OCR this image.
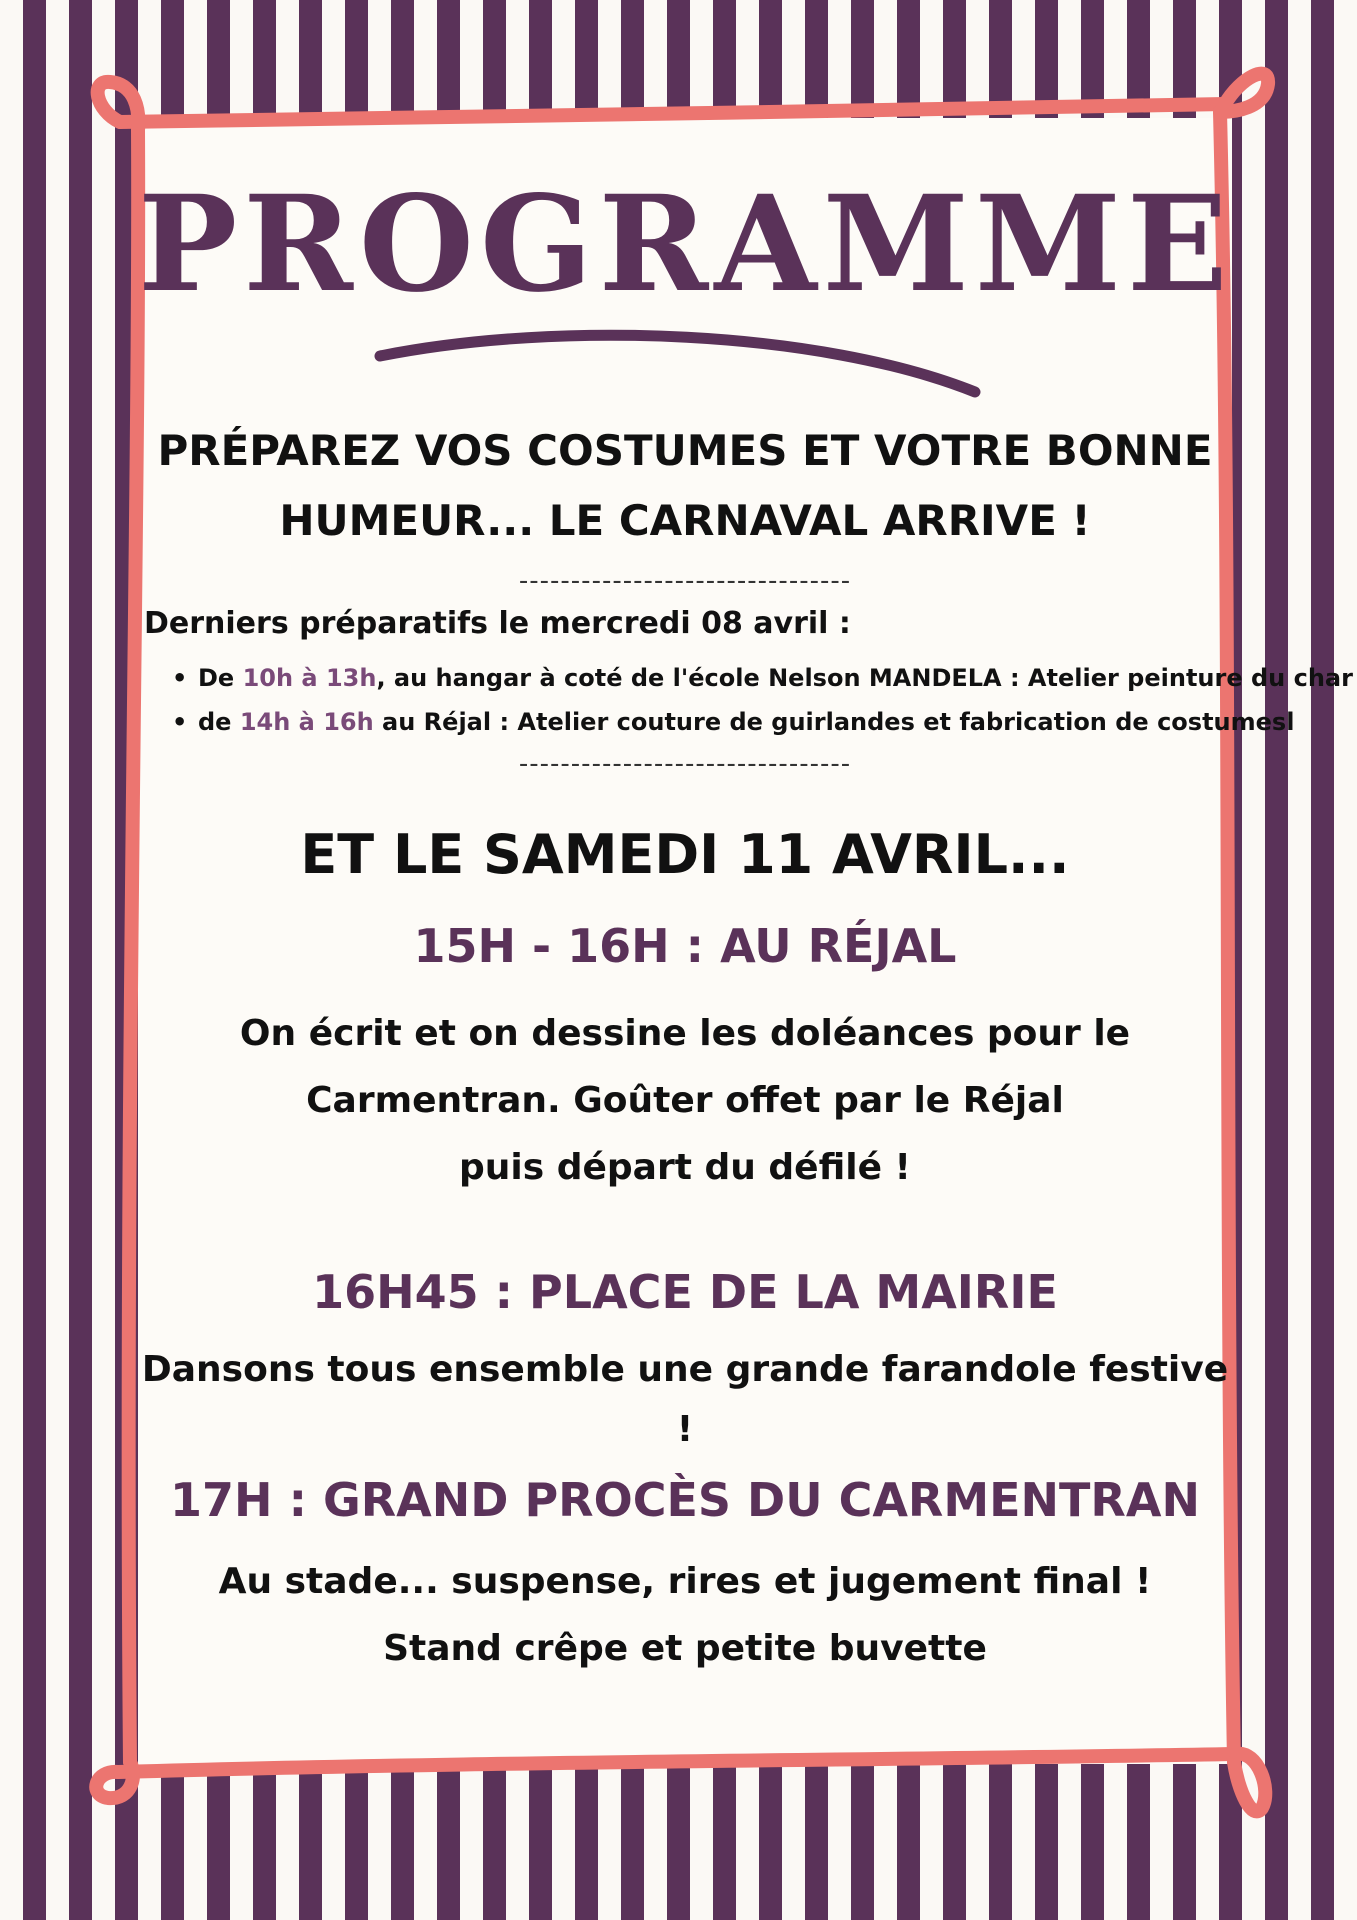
PROGRAMME
PRÉPAREZ VOS COSTUMES ET VOTRE BONNE
HUMEUR... LE CARNAVAL ARRIVE !
--------------------------------

Derniers préparatifs le mercredi 08 avril :

• De 10h à 13h, au hangar à coté de l'école Nelson MANDELA : Atelier peinture du char
• de 14h à 16h au Réjal : Atelier couture de guirlandes et fabrication de costumesl
--------------------------------
ET LE SAMEDI 11 AVRIL...
15H - 16H : AU RÉJAL
On écrit et on dessine les doléances pour le
Carmentran. Goûter offet par le Réjal
puis départ du défilé !
16H45 : PLACE DE LA MAIRIE
Dansons tous ensemble une grande farandole festive !
17H : GRAND PROCÈS DU CARMENTRAN
Au stade... suspense, rires et jugement final !
Stand crêpe et petite buvette
